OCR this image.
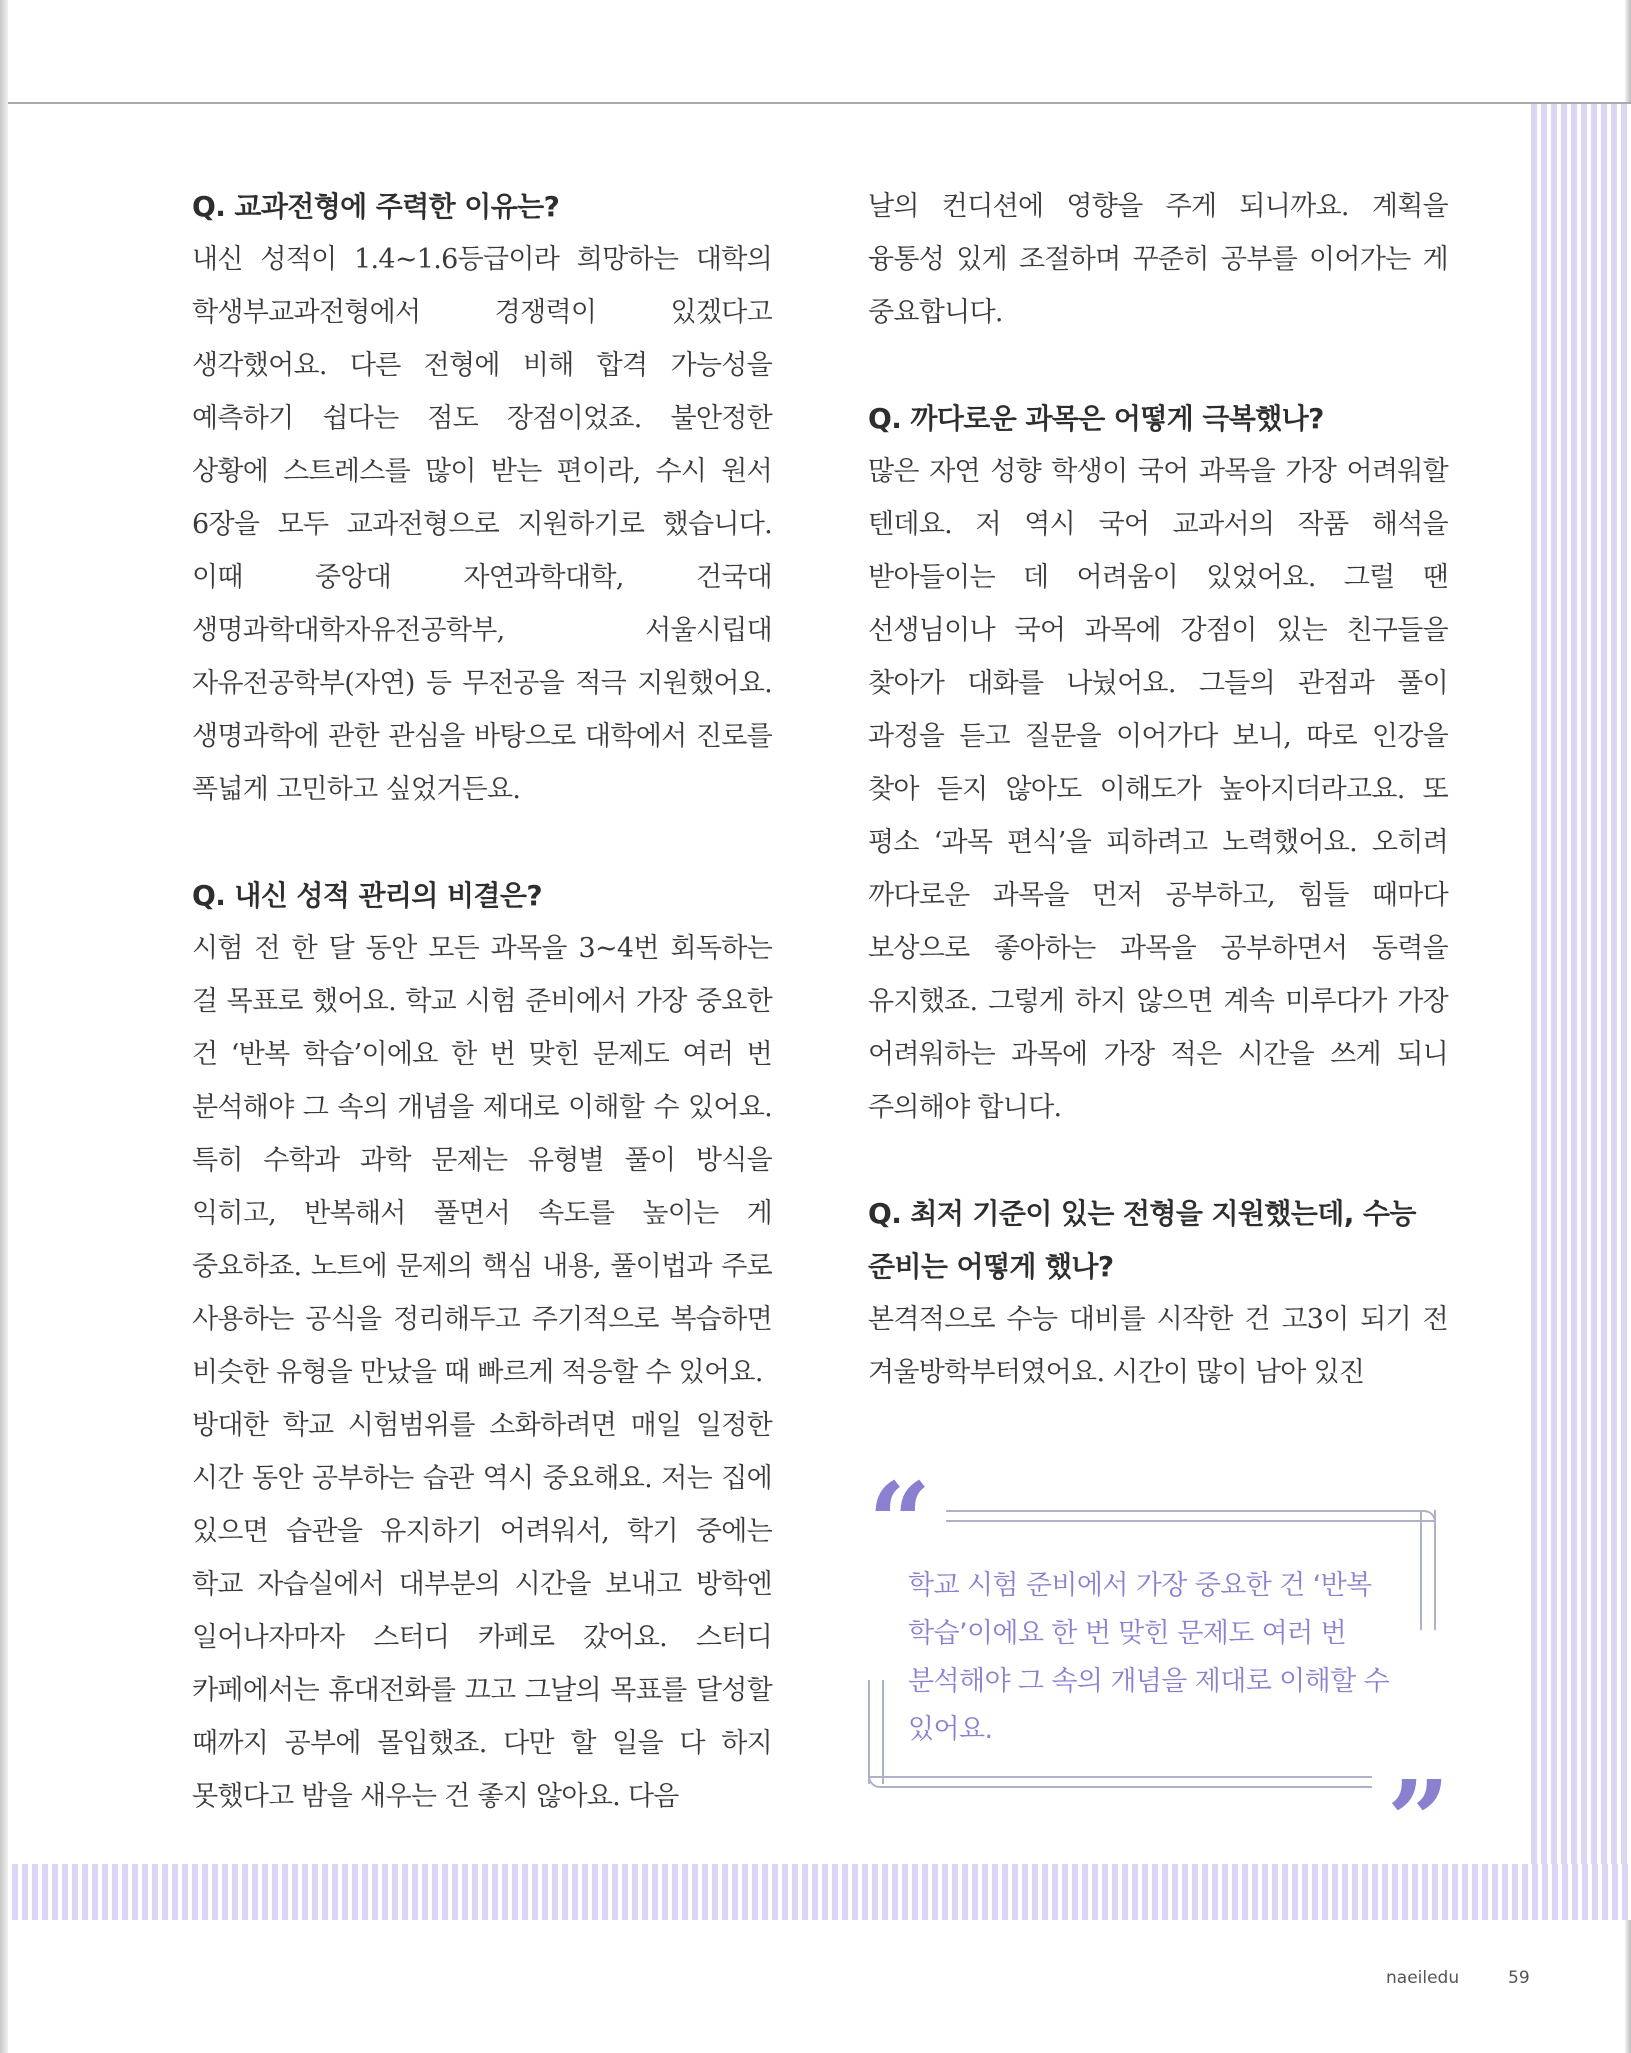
Q. 교과전형에 주력한 이유는?

내신 성적이 1.4~1.6등급이라 희망하는 대학의 학생부교과전형에서 경쟁력이 있겠다고 생각했어요. 다른 전형에 비해 합격 가능성을 예측하기 쉽다는 점도 장점이었죠. 불안정한 상황에 스트레스를 많이 받는 편이라, 수시 원서 6장을 모두 교과전형으로 지원하기로 했습니다. 이때 중앙대 자연과학대학, 건국대 생명과학대학자유전공학부, 서울시립대 자유전공학부(자연) 등 무전공을 적극 지원했어요. 생명과학에 관한 관심을 바탕으로 대학에서 진로를 폭넓게 고민하고 싶었거든요.

Q. 내신 성적 관리의 비결은?

시험 전 한 달 동안 모든 과목을 3~4번 회독하는 걸 목표로 했어요. 학교 시험 준비에서 가장 중요한 건 ‘반복 학습’이에요 한 번 맞힌 문제도 여러 번 분석해야 그 속의 개념을 제대로 이해할 수 있어요. 특히 수학과 과학 문제는 유형별 풀이 방식을 익히고, 반복해서 풀면서 속도를 높이는 게 중요하죠. 노트에 문제의 핵심 내용, 풀이법과 주로 사용하는 공식을 정리해두고 주기적으로 복습하면 비슷한 유형을 만났을 때 빠르게 적응할 수 있어요.

방대한 학교 시험범위를 소화하려면 매일 일정한 시간 동안 공부하는 습관 역시 중요해요. 저는 집에 있으면 습관을 유지하기 어려워서, 학기 중에는 학교 자습실에서 대부분의 시간을 보내고 방학엔 일어나자마자 스터디 카페로 갔어요. 스터디 카페에서는 휴대전화를 끄고 그날의 목표를 달성할 때까지 공부에 몰입했죠. 다만 할 일을 다 하지 못했다고 밤을 새우는 건 좋지 않아요. 다음

날의 컨디션에 영향을 주게 되니까요. 계획을 융통성 있게 조절하며 꾸준히 공부를 이어가는 게 중요합니다.

Q. 까다로운 과목은 어떻게 극복했나?

많은 자연 성향 학생이 국어 과목을 가장 어려워할 텐데요. 저 역시 국어 교과서의 작품 해석을 받아들이는 데 어려움이 있었어요. 그럴 땐 선생님이나 국어 과목에 강점이 있는 친구들을 찾아가 대화를 나눴어요. 그들의 관점과 풀이 과정을 듣고 질문을 이어가다 보니, 따로 인강을 찾아 듣지 않아도 이해도가 높아지더라고요. 또 평소 ‘과목 편식’을 피하려고 노력했어요. 오히려 까다로운 과목을 먼저 공부하고, 힘들 때마다 보상으로 좋아하는 과목을 공부하면서 동력을 유지했죠. 그렇게 하지 않으면 계속 미루다가 가장 어려워하는 과목에 가장 적은 시간을 쓰게 되니 주의해야 합니다.

Q. 최저 기준이 있는 전형을 지원했는데, 수능 준비는 어떻게 했나?

본격적으로 수능 대비를 시작한 건 고3이 되기 전 겨울방학부터였어요. 시간이 많이 남아 있진

“
학교 시험 준비에서 가장 중요한 건 ‘반복 학습’이에요 한 번 맞힌 문제도 여러 번 분석해야 그 속의 개념을 제대로 이해할 수 있어요.
”
naeiledu	59
